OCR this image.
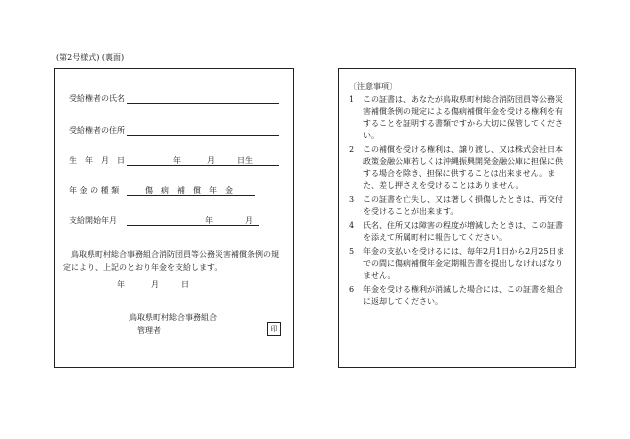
(第2号様式) (裏面)
受給権者の氏名
受給権者の住所
生　年　月　日	年	月	日生
年 金 の 種 類	傷　病　補　償　年　金
支給開始年月	年	月
鳥取県町村総合事務組合消防団員等公務災害補償条例の規定により、上記のとおり年金を支給します。
年	月	日
鳥取県町村総合事務組合
管理者	印
〔注意事項〕
1 この証書は、あなたが鳥取県町村総合消防団員等公務災害補償条例の規定による傷病補償年金を受ける権利を有することを証明する書類ですから大切に保管してください。
2 この補償を受ける権利は、譲り渡し、又は株式会社日本政策金融公庫若しくは沖縄振興開発金融公庫に担保に供する場合を除き、担保に供することは出来ません。また、差し押さえを受けることはありません。
3 この証書を亡失し、又は著しく損傷したときは、再交付を受けることが出来ます。
4 氏名、住所又は障害の程度が増減したときは、この証書を添えて所属町村に報告してください。
5 年金の支払いを受けるには、毎年2月1日から2月25日までの間に傷病補償年金定期報告書を提出しなければなりません。
6 年金を受ける権利が消滅した場合には、この証書を組合に返却してください。
